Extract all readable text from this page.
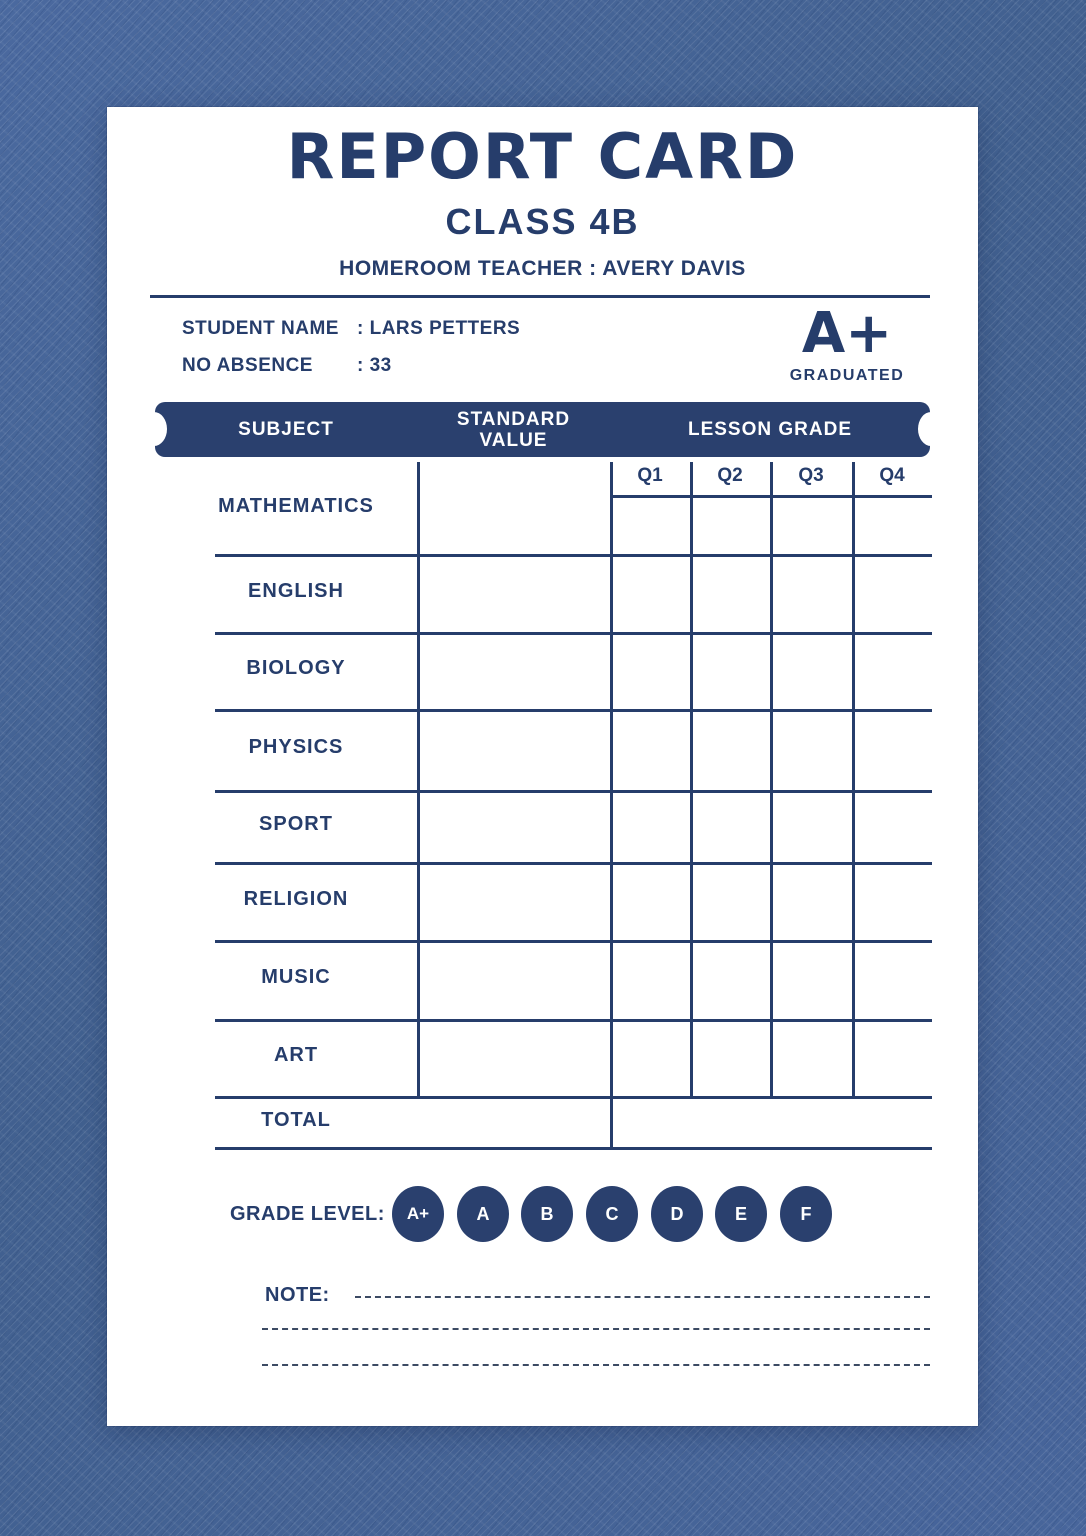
REPORT CARD
CLASS 4B
HOMEROOM TEACHER : AVERY DAVIS
STUDENT NAME : LARS PETTERS
NO ABSENCE : 33	A+
GRADUATED
SUBJECT	STANDARD VALUE	LESSON GRADE
Q1	Q2	Q3	Q4
MATHEMATICS
ENGLISH
BIOLOGY
PHYSICS
SPORT
RELIGION
MUSIC
ART
TOTAL
GRADE LEVEL:	A+	A	B	C	D	E	F
NOTE:
